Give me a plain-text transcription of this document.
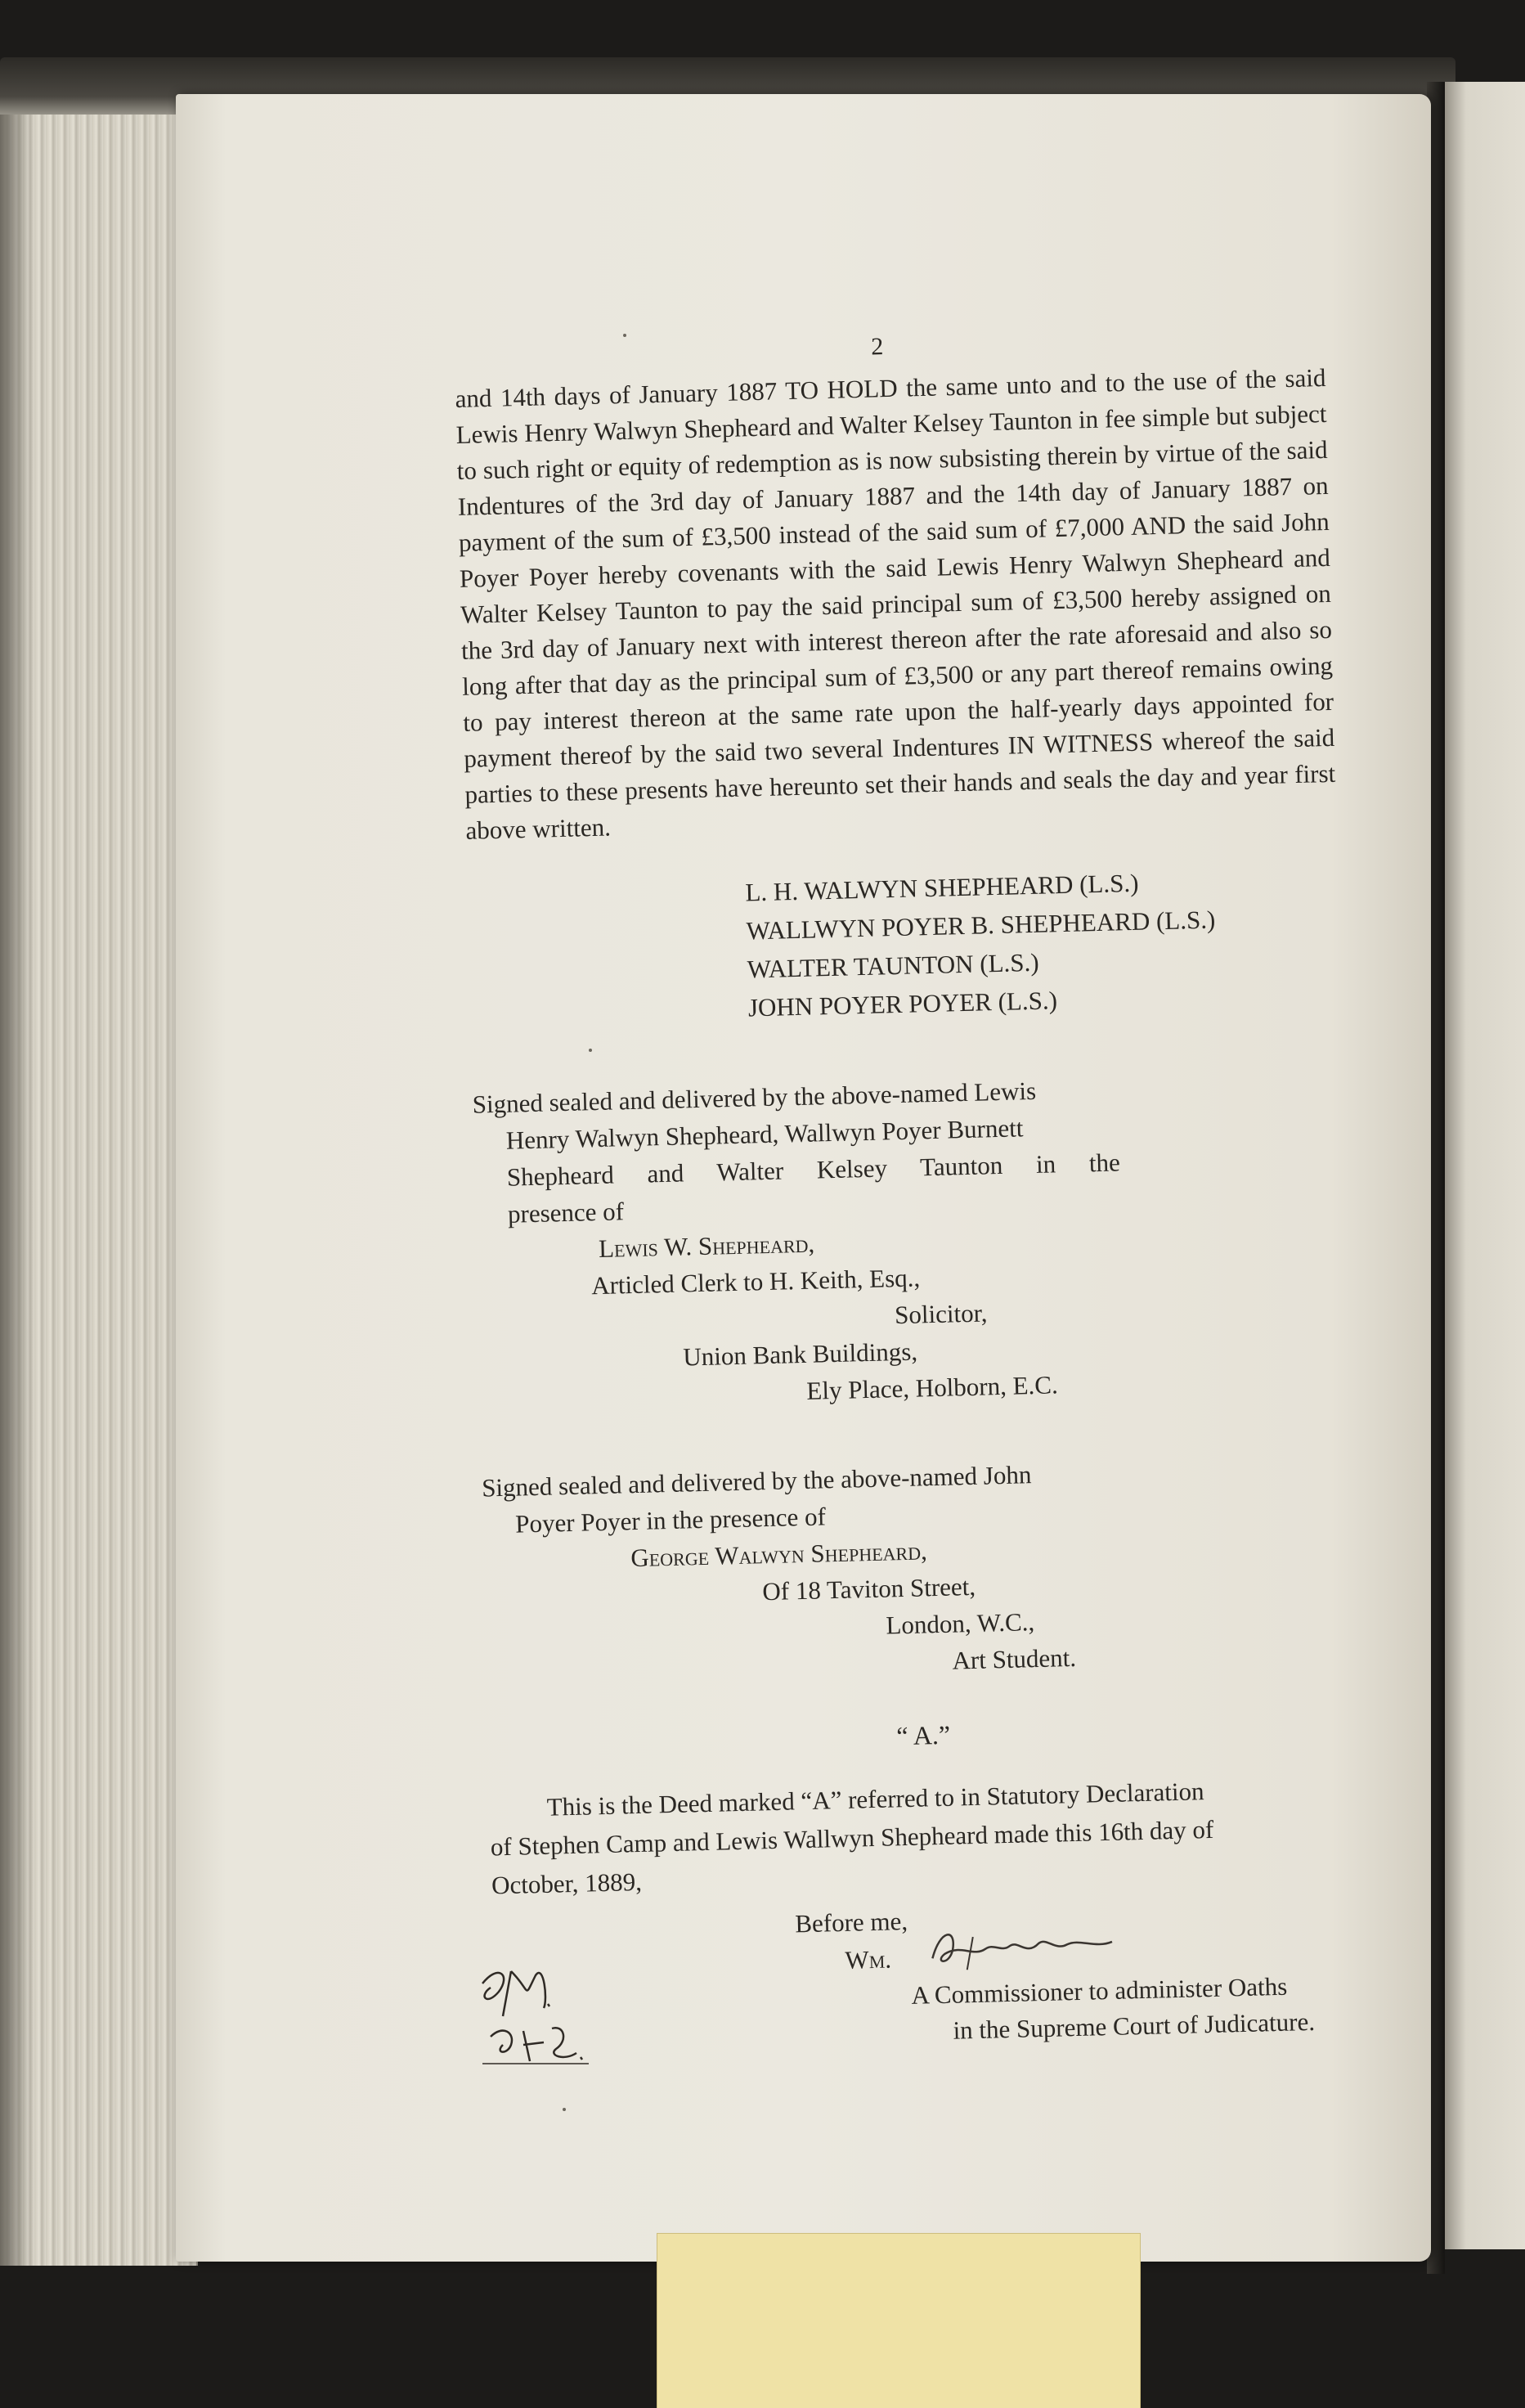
2

and 14th days of January 1887 TO HOLD the same unto and to the use of the said Lewis Henry Walwyn Shepheard and Walter Kelsey Taunton in fee simple but subject to such right or equity of redemption as is now subsisting therein by virtue of the said Indentures of the 3rd day of January 1887 and the 14th day of January 1887 on payment of the sum of £3,500 instead of the said sum of £7,000 AND the said John Poyer Poyer hereby covenants with the said Lewis Henry Walwyn Shepheard and Walter Kelsey Taunton to pay the said principal sum of £3,500 hereby assigned on the 3rd day of January next with interest thereon after the rate aforesaid and also so long after that day as the principal sum of £3,500 or any part thereof remains owing to pay interest thereon at the same rate upon the half-yearly days appointed for payment thereof by the said two several Indentures IN WITNESS whereof the said parties to these presents have hereunto set their hands and seals the day and year first above written.

L. H. WALWYN SHEPHEARD (L.S.)
WALLWYN POYER B. SHEPHEARD (L.S.)
WALTER TAUNTON (L.S.)
JOHN POYER POYER (L.S.)
Signed sealed and delivered by the above-named Lewis
Henry Walwyn Shepheard, Wallwyn Poyer Burnett
Shepheard and Walter Kelsey Taunton in the
presence of
Lewis W. Shepheard,
Articled Clerk to H. Keith, Esq.,
Solicitor,
Union Bank Buildings,
Ely Place, Holborn, E.C.
Signed sealed and delivered by the above-named John
Poyer Poyer in the presence of
George Walwyn Shepheard,
Of 18 Taviton Street,
London, W.C.,
Art Student.
“ A.”
This is the Deed marked “A” referred to in Statutory Declaration
of Stephen Camp and Lewis Wallwyn Shepheard made this 16th day of
October, 1889,
Before me,
Wm.
A Commissioner to administer Oaths
in the Supreme Court of Judicature.
